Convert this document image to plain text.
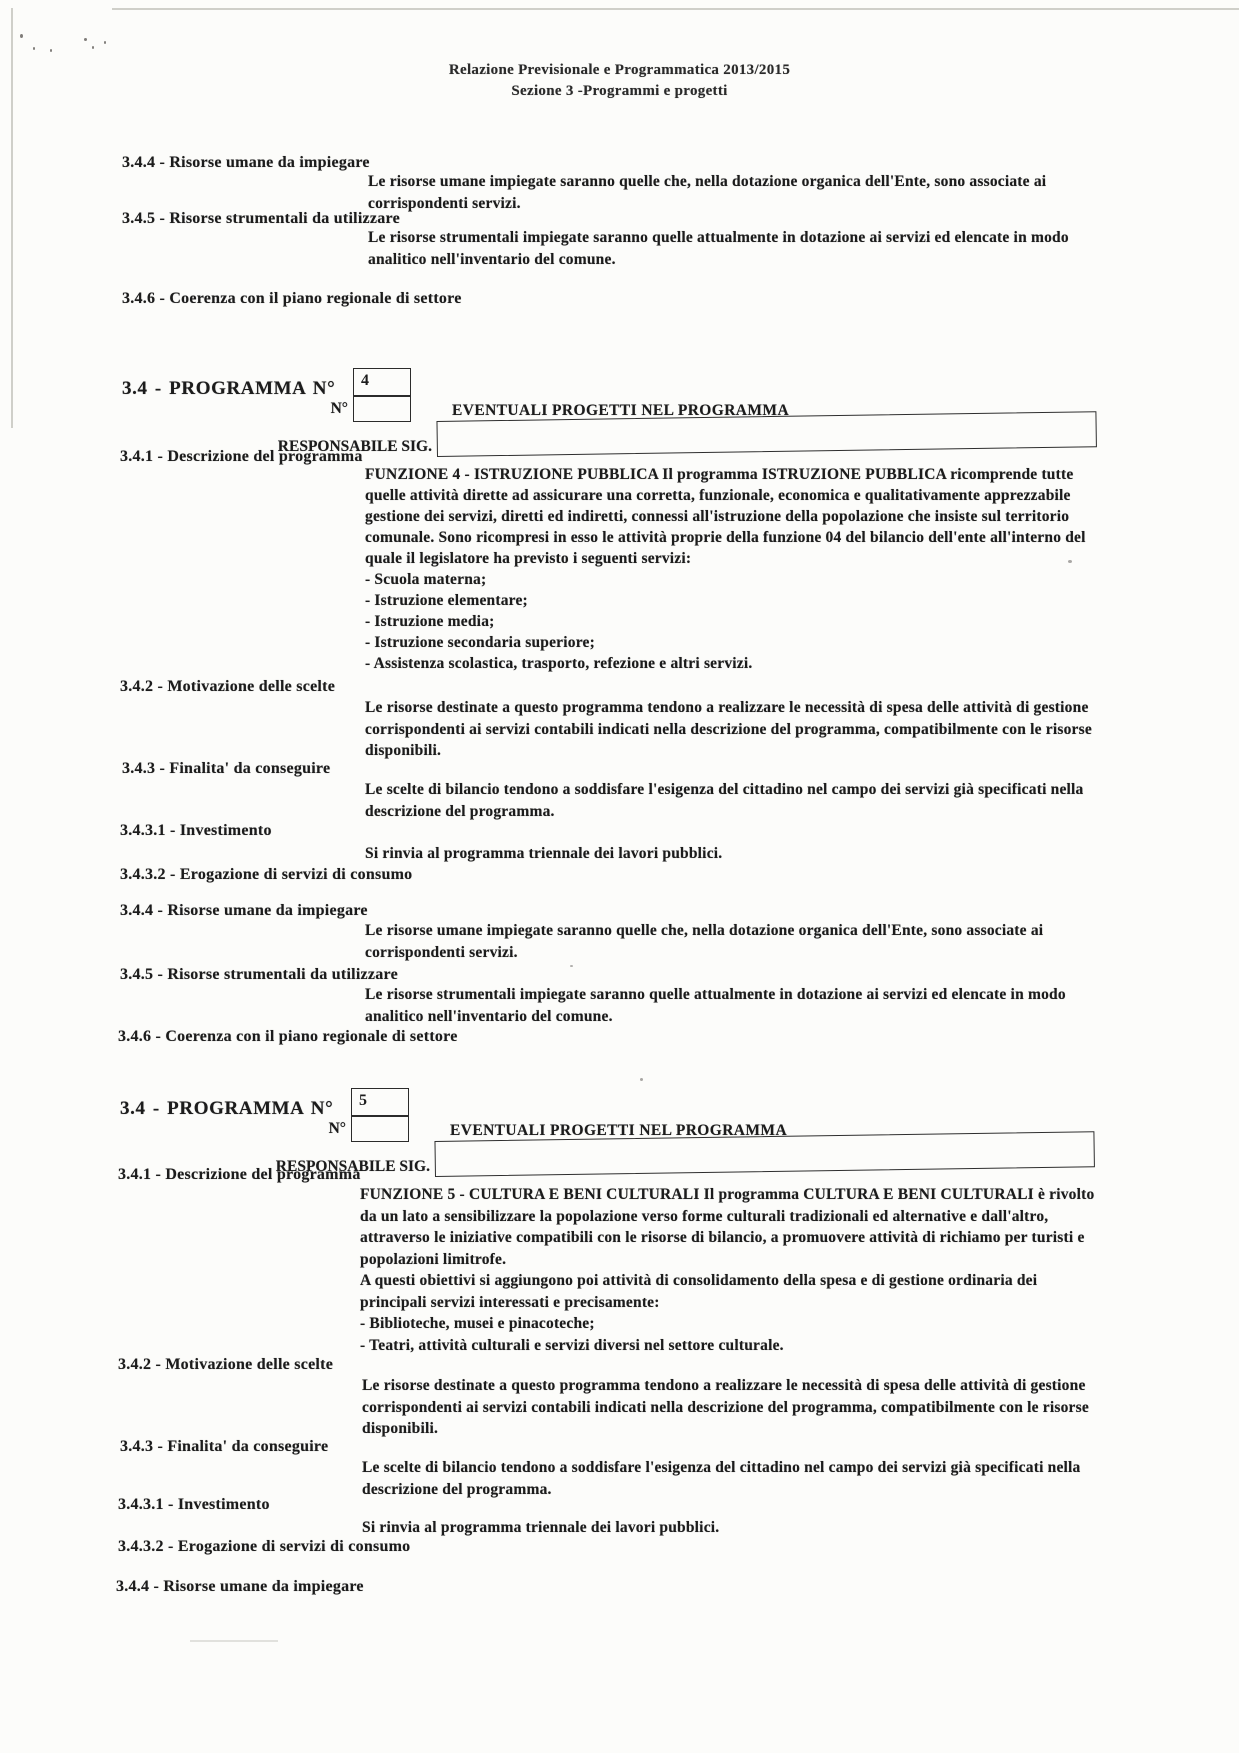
Relazione Previsionale e Programmatica 2013/2015
Sezione 3 -Programmi e progetti
3.4.4 - Risorse umane da impiegare
Le risorse umane impiegate saranno quelle che, nella dotazione organica dell'Ente, sono associate ai corrispondenti servizi.
3.4.5 - Risorse strumentali da utilizzare
Le risorse strumentali impiegate saranno quelle attualmente in dotazione ai servizi ed elencate in modo analitico nell'inventario del comune.
3.4.6 - Coerenza con il piano regionale di settore
3.4 - PROGRAMMA N°	4
N°	EVENTUALI PROGETTI NEL PROGRAMMA
RESPONSABILE SIG.
3.4.1 - Descrizione del programma
FUNZIONE 4 - ISTRUZIONE PUBBLICA Il programma ISTRUZIONE PUBBLICA ricomprende tutte quelle attività dirette ad assicurare una corretta, funzionale, economica e qualitativamente apprezzabile gestione dei servizi, diretti ed indiretti, connessi all'istruzione della popolazione che insiste sul territorio comunale. Sono ricompresi in esso le attività proprie della funzione 04 del bilancio dell'ente all'interno del quale il legislatore ha previsto i seguenti servizi:
- Scuola materna;
- Istruzione elementare;
- Istruzione media;
- Istruzione secondaria superiore;
- Assistenza scolastica, trasporto, refezione e altri servizi.
3.4.2 - Motivazione delle scelte
Le risorse destinate a questo programma tendono a realizzare le necessità di spesa delle attività di gestione corrispondenti ai servizi contabili indicati nella descrizione del programma, compatibilmente con le risorse disponibili.
3.4.3 - Finalita' da conseguire
Le scelte di bilancio tendono a soddisfare l'esigenza del cittadino nel campo dei servizi già specificati nella descrizione del programma.
3.4.3.1 - Investimento
Si rinvia al programma triennale dei lavori pubblici.
3.4.3.2 - Erogazione di servizi di consumo
3.4.4 - Risorse umane da impiegare
Le risorse umane impiegate saranno quelle che, nella dotazione organica dell'Ente, sono associate ai corrispondenti servizi.
3.4.5 - Risorse strumentali da utilizzare
Le risorse strumentali impiegate saranno quelle attualmente in dotazione ai servizi ed elencate in modo analitico nell'inventario del comune.
3.4.6 - Coerenza con il piano regionale di settore
3.4 - PROGRAMMA N°	5
N°	EVENTUALI PROGETTI NEL PROGRAMMA
RESPONSABILE SIG.
3.4.1 - Descrizione del programma
FUNZIONE 5 - CULTURA E BENI CULTURALI Il programma CULTURA E BENI CULTURALI è rivolto da un lato a sensibilizzare la popolazione verso forme culturali tradizionali ed alternative e dall'altro, attraverso le iniziative compatibili con le risorse di bilancio, a promuovere attività di richiamo per turisti e popolazioni limitrofe.
A questi obiettivi si aggiungono poi attività di consolidamento della spesa e di gestione ordinaria dei principali servizi interessati e precisamente:
- Biblioteche, musei e pinacoteche;
- Teatri, attività culturali e servizi diversi nel settore culturale.
3.4.2 - Motivazione delle scelte
Le risorse destinate a questo programma tendono a realizzare le necessità di spesa delle attività di gestione corrispondenti ai servizi contabili indicati nella descrizione del programma, compatibilmente con le risorse disponibili.
3.4.3 - Finalita' da conseguire
Le scelte di bilancio tendono a soddisfare l'esigenza del cittadino nel campo dei servizi già specificati nella descrizione del programma.
3.4.3.1 - Investimento
Si rinvia al programma triennale dei lavori pubblici.
3.4.3.2 - Erogazione di servizi di consumo
3.4.4 - Risorse umane da impiegare
